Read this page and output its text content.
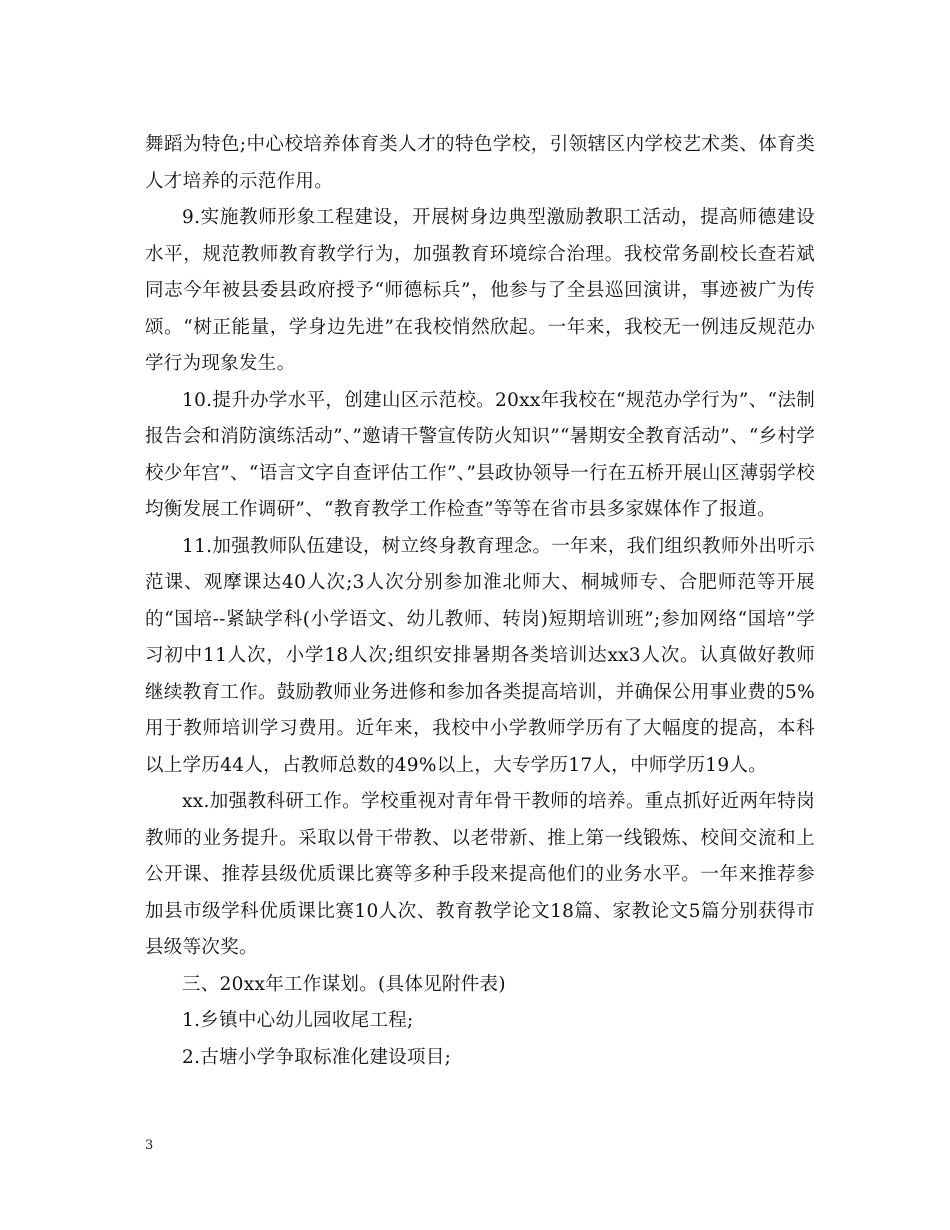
舞蹈为特色;中心校培养体育类人才的特色学校，引领辖区内学校艺术类、体育类人才培养的示范作用。

9.实施教师形象工程建设，开展树身边典型激励教职工活动，提高师德建设水平，规范教师教育教学行为，加强教育环境综合治理。我校常务副校长查若斌同志今年被县委县政府授予“师德标兵”，他参与了全县巡回演讲，事迹被广为传颂。“树正能量，学身边先进”在我校悄然欣起。一年来，我校无一例违反规范办学行为现象发生。

10.提升办学水平，创建山区示范校。20xx年我校在“规范办学行为”、“法制报告会和消防演练活动”、”邀请干警宣传防火知识”“暑期安全教育活动”、“乡村学校少年宫”、“语言文字自查评估工作”、”县政协领导一行在五桥开展山区薄弱学校均衡发展工作调研”、“教育教学工作检查”等等在省市县多家媒体作了报道。

11.加强教师队伍建设，树立终身教育理念。一年来，我们组织教师外出听示范课、观摩课达40人次;3人次分别参加淮北师大、桐城师专、合肥师范等开展的“国培--紧缺学科(小学语文、幼儿教师、转岗)短期培训班”;参加网络“国培”学习初中11人次，小学18人次;组织安排暑期各类培训达xx3人次。认真做好教师继续教育工作。鼓励教师业务进修和参加各类提高培训，并确保公用事业费的5%用于教师培训学习费用。近年来，我校中小学教师学历有了大幅度的提高，本科以上学历44人，占教师总数的49%以上，大专学历17人，中师学历19人。

xx.加强教科研工作。学校重视对青年骨干教师的培养。重点抓好近两年特岗教师的业务提升。采取以骨干带教、以老带新、推上第一线锻炼、校间交流和上公开课、推荐县级优质课比赛等多种手段来提高他们的业务水平。一年来推荐参加县市级学科优质课比赛10人次、教育教学论文18篇、家教论文5篇分别获得市县级等次奖。

三、20xx年工作谋划。(具体见附件表)

1.乡镇中心幼儿园收尾工程;

2.古塘小学争取标准化建设项目;

3
